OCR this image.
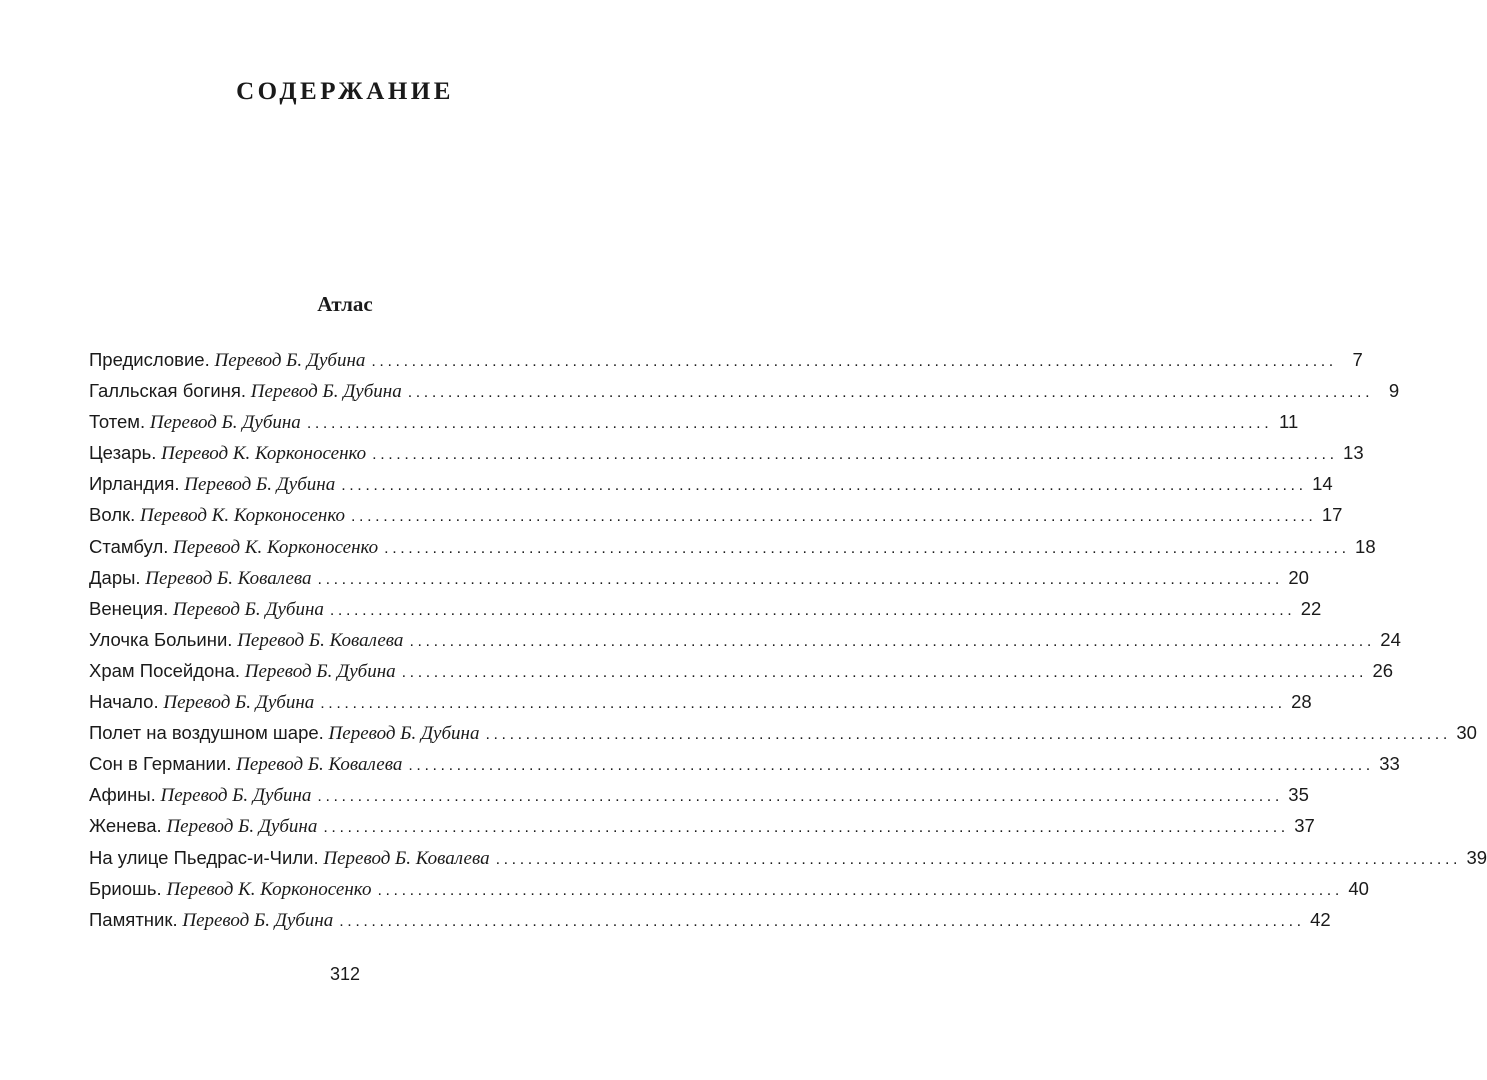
СОДЕРЖАНИЕ
Атлас
Предисловие.
Перевод Б. Дубина ........................................................................................................................ 7
Галльская богиня.
Перевод Б. Дубина ........................................................................................................................ 9
Тотем.
Перевод Б. Дубина ........................................................................................................................ 11
Цезарь.
Перевод К. Корконосенко ........................................................................................................................ 13
Ирландия.
Перевод Б. Дубина ........................................................................................................................ 14
Волк.
Перевод К. Корконосенко ........................................................................................................................ 17
Стамбул.
Перевод К. Корконосенко ........................................................................................................................ 18
Дары.
Перевод Б. Ковалева ........................................................................................................................ 20
Венеция.
Перевод Б. Дубина ........................................................................................................................ 22
Улочка Больини.
Перевод Б. Ковалева ........................................................................................................................ 24
Храм Посейдона.
Перевод Б. Дубина ........................................................................................................................ 26
Начало.
Перевод Б. Дубина ........................................................................................................................ 28
Полет на воздушном шаре.
Перевод Б. Дубина ........................................................................................................................ 30
Сон в Германии.
Перевод Б. Ковалева ........................................................................................................................ 33
Афины.
Перевод Б. Дубина ........................................................................................................................ 35
Женева.
Перевод Б. Дубина ........................................................................................................................ 37
На улице Пьедрас-и-Чили.
Перевод Б. Ковалева ........................................................................................................................ 39
Бриошь.
Перевод К. Корконосенко ........................................................................................................................ 40
Памятник.
Перевод Б. Дубина ........................................................................................................................ 42
312
